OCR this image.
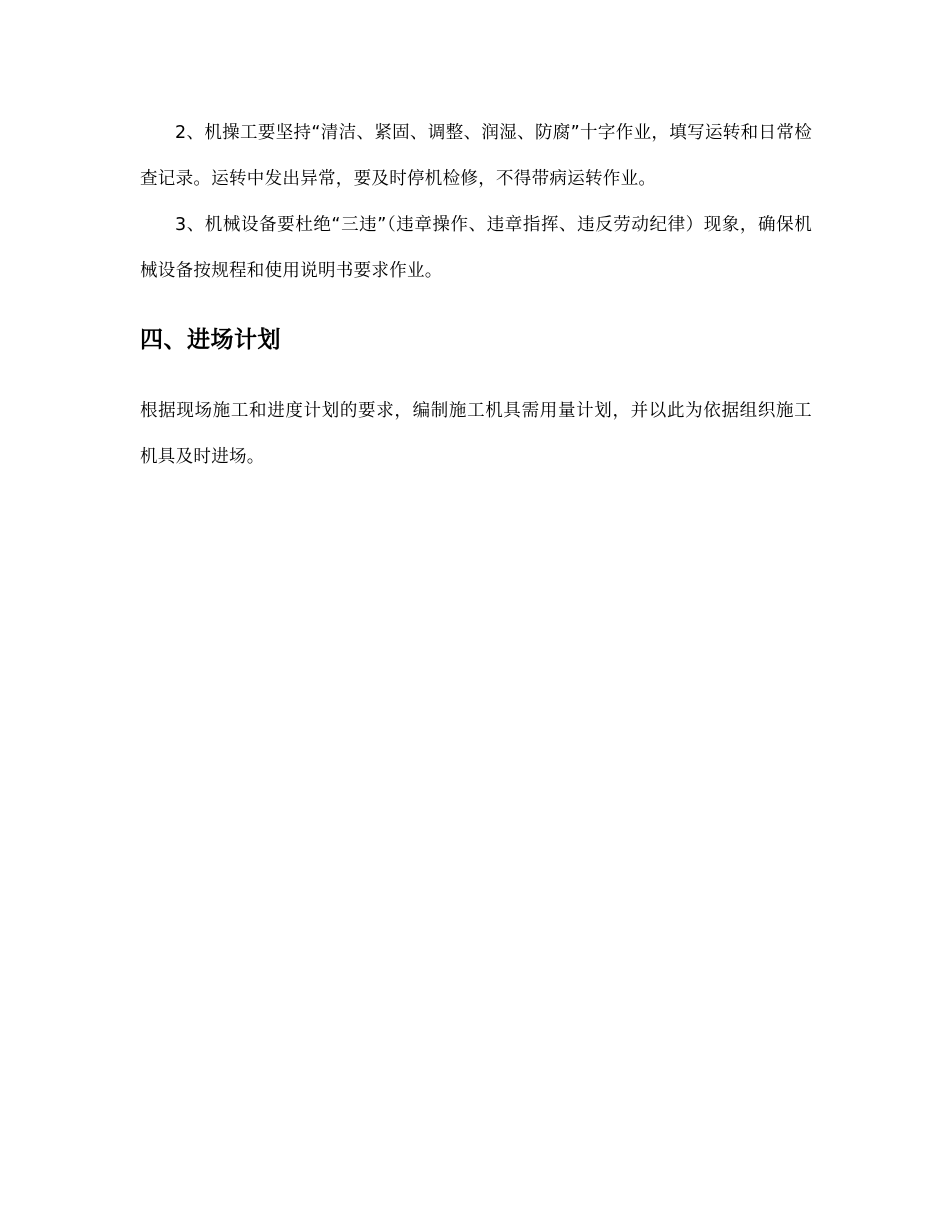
2、机操工要坚持“清洁、紧固、调整、润湿、防腐”十字作业，填写运转和日常检查记录。运转中发出异常，要及时停机检修，不得带病运转作业。

3、机械设备要杜绝“三违”（违章操作、违章指挥、违反劳动纪律）现象，确保机械设备按规程和使用说明书要求作业。

四、进场计划

根据现场施工和进度计划的要求，编制施工机具需用量计划，并以此为依据组织施工机具及时进场。
